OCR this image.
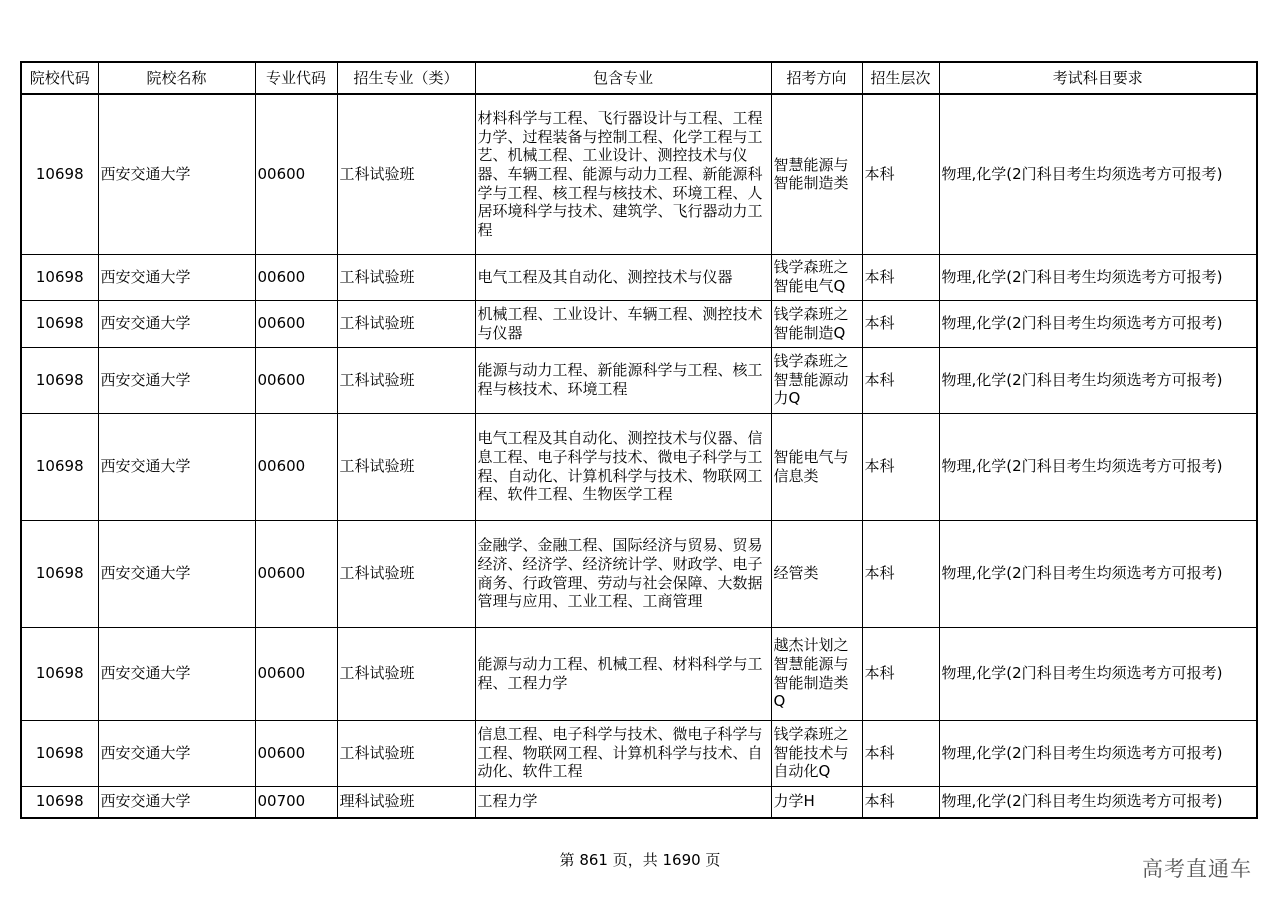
院校代码	院校名称	专业代码	招生专业（类）	包含专业	招考方向	招生层次	考试科目要求
10698	西安交通大学	00600	工科试验班	材料科学与工程、飞行器设计与工程、工程力学、过程装备与控制工程、化学工程与工艺、机械工程、工业设计、测控技术与仪器、车辆工程、能源与动力工程、新能源科学与工程、核工程与核技术、环境工程、人居环境科学与技术、建筑学、飞行器动力工程	智慧能源与智能制造类	本科	物理,化学(2门科目考生均须选考方可报考)
10698	西安交通大学	00600	工科试验班	电气工程及其自动化、测控技术与仪器	钱学森班之智能电气Q	本科	物理,化学(2门科目考生均须选考方可报考)
10698	西安交通大学	00600	工科试验班	机械工程、工业设计、车辆工程、测控技术与仪器	钱学森班之智能制造Q	本科	物理,化学(2门科目考生均须选考方可报考)
10698	西安交通大学	00600	工科试验班	能源与动力工程、新能源科学与工程、核工程与核技术、环境工程	钱学森班之智慧能源动力Q	本科	物理,化学(2门科目考生均须选考方可报考)
10698	西安交通大学	00600	工科试验班	电气工程及其自动化、测控技术与仪器、信息工程、电子科学与技术、微电子科学与工程、自动化、计算机科学与技术、物联网工程、软件工程、生物医学工程	智能电气与信息类	本科	物理,化学(2门科目考生均须选考方可报考)
10698	西安交通大学	00600	工科试验班	金融学、金融工程、国际经济与贸易、贸易经济、经济学、经济统计学、财政学、电子商务、行政管理、劳动与社会保障、大数据管理与应用、工业工程、工商管理	经管类	本科	物理,化学(2门科目考生均须选考方可报考)
10698	西安交通大学	00600	工科试验班	能源与动力工程、机械工程、材料科学与工程、工程力学	越杰计划之智慧能源与智能制造类Q	本科	物理,化学(2门科目考生均须选考方可报考)
10698	西安交通大学	00600	工科试验班	信息工程、电子科学与技术、微电子科学与工程、物联网工程、计算机科学与技术、自动化、软件工程	钱学森班之智能技术与自动化Q	本科	物理,化学(2门科目考生均须选考方可报考)
10698	西安交通大学	00700	理科试验班	工程力学	力学H	本科	物理,化学(2门科目考生均须选考方可报考)
第 861 页，共 1690 页	高考直通车
